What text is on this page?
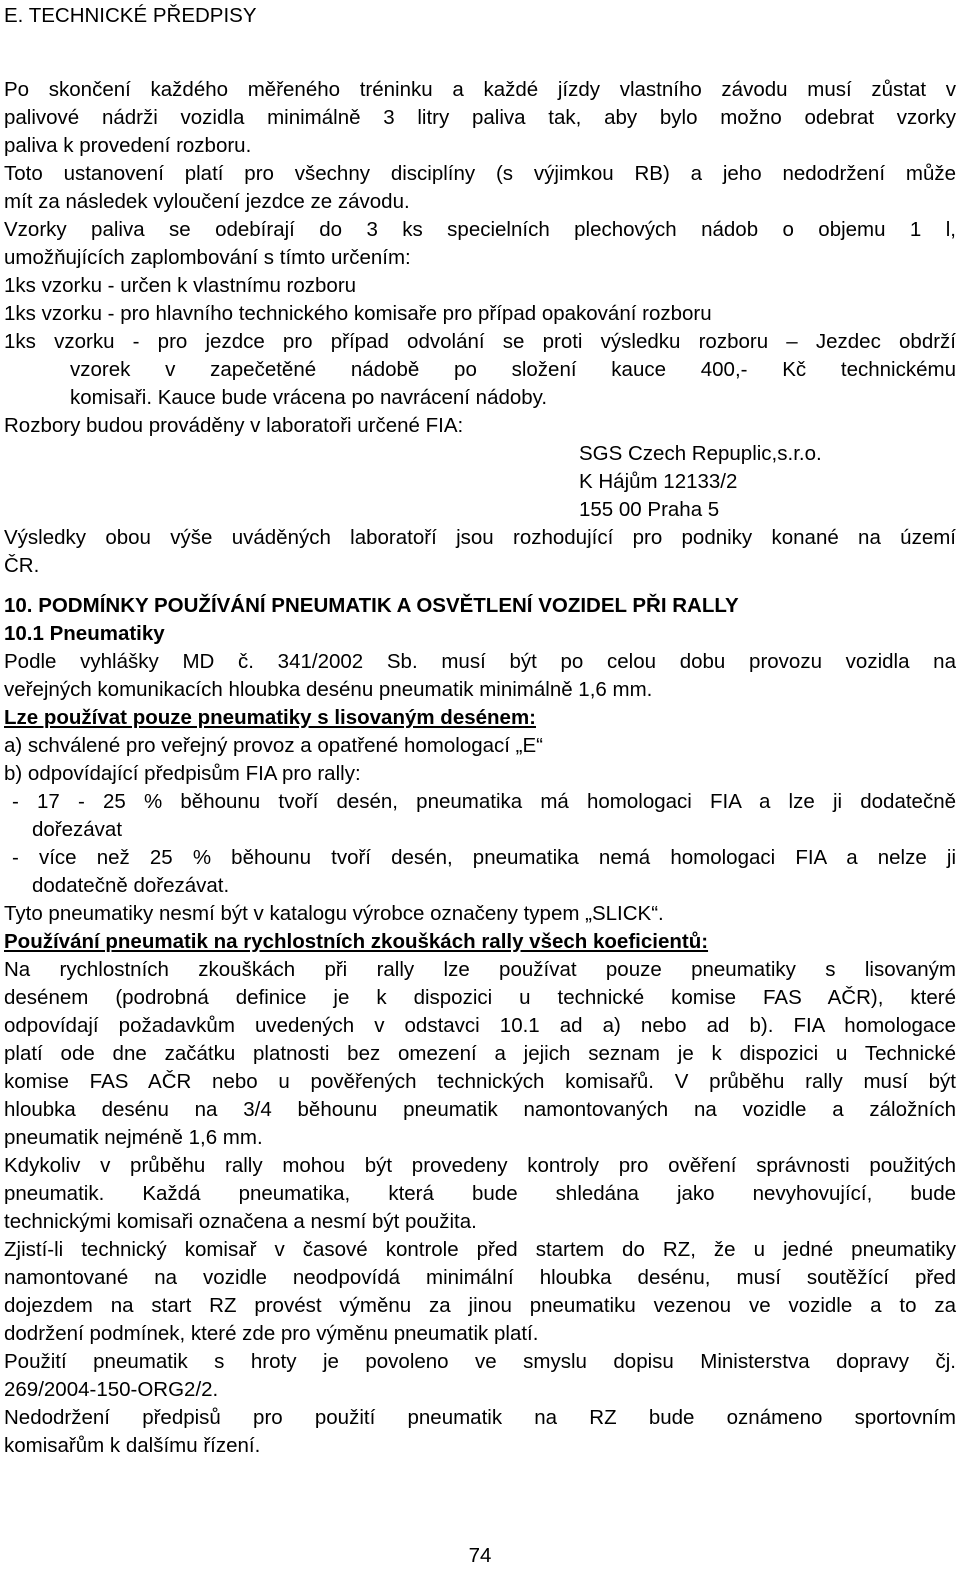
E. TECHNICKÉ PŘEDPISY

Po skončení každého měřeného tréninku a každé jízdy vlastního závodu musí zůstat v

palivové nádrži vozidla minimálně 3 litry paliva tak, aby bylo možno odebrat vzorky

paliva k provedení rozboru.

Toto ustanovení platí pro všechny disciplíny (s výjimkou RB) a jeho nedodržení může

mít za následek vyloučení jezdce ze závodu.

Vzorky paliva se odebírají do 3 ks specielních plechových nádob o objemu 1 l,

umožňujících zaplombování s tímto určením:

1ks vzorku - určen k vlastnímu rozboru

1ks vzorku - pro hlavního technického komisaře pro případ opakování rozboru

1ks vzorku - pro jezdce pro případ odvolání se proti výsledku rozboru – Jezdec obdrží

vzorek v zapečetěné nádobě po složení kauce 400,- Kč technickému

komisaři. Kauce bude vrácena po navrácení nádoby.

Rozbory budou prováděny v laboratoři určené FIA:

SGS Czech Repuplic,s.r.o.

K Hájům 12133/2

155 00 Praha 5

Výsledky obou výše uváděných laboratoří jsou rozhodující pro podniky konané na území

ČR.

10. PODMÍNKY POUŽÍVÁNÍ PNEUMATIK A OSVĚTLENÍ VOZIDEL PŘI RALLY

10.1 Pneumatiky

Podle vyhlášky MD č. 341/2002 Sb. musí být po celou dobu provozu vozidla na

veřejných komunikacích hloubka desénu pneumatik minimálně 1,6 mm.

Lze používat pouze pneumatiky s lisovaným desénem:

a) schválené pro veřejný provoz a opatřené homologací „E“

b) odpovídající předpisům FIA pro rally:

- 17 - 25 % běhounu tvoří desén, pneumatika má homologaci FIA a lze ji dodatečně

dořezávat

- více než 25 % běhounu tvoří desén, pneumatika nemá homologaci FIA a nelze ji

dodatečně dořezávat.

Tyto pneumatiky nesmí být v katalogu výrobce označeny typem „SLICK“.

Používání pneumatik na rychlostních zkouškách rally všech koeficientů:

Na rychlostních zkouškách při rally lze používat pouze pneumatiky s lisovaným

desénem (podrobná definice je k dispozici u technické komise FAS AČR), které

odpovídají požadavkům uvedených v odstavci 10.1 ad a) nebo ad b). FIA homologace

platí ode dne začátku platnosti bez omezení a jejich seznam je k dispozici u Technické

komise FAS AČR nebo u pověřených technických komisařů. V průběhu rally musí být

hloubka desénu na 3/4 běhounu pneumatik namontovaných na vozidle a záložních

pneumatik nejméně 1,6 mm.

Kdykoliv v průběhu rally mohou být provedeny kontroly pro ověření správnosti použitých

pneumatik. Každá pneumatika, která bude shledána jako nevyhovující, bude

technickými komisaři označena a nesmí být použita.

Zjistí-li technický komisař v časové kontrole před startem do RZ, že u jedné pneumatiky

namontované na vozidle neodpovídá minimální hloubka desénu, musí soutěžící před

dojezdem na start RZ provést výměnu za jinou pneumatiku vezenou ve vozidle a to za

dodržení podmínek, které zde pro výměnu pneumatik platí.

Použití pneumatik s hroty je povoleno ve smyslu dopisu Ministerstva dopravy čj.

269/2004-150-ORG2/2.

Nedodržení předpisů pro použití pneumatik na RZ bude oznámeno sportovním

komisařům k dalšímu řízení.

74
